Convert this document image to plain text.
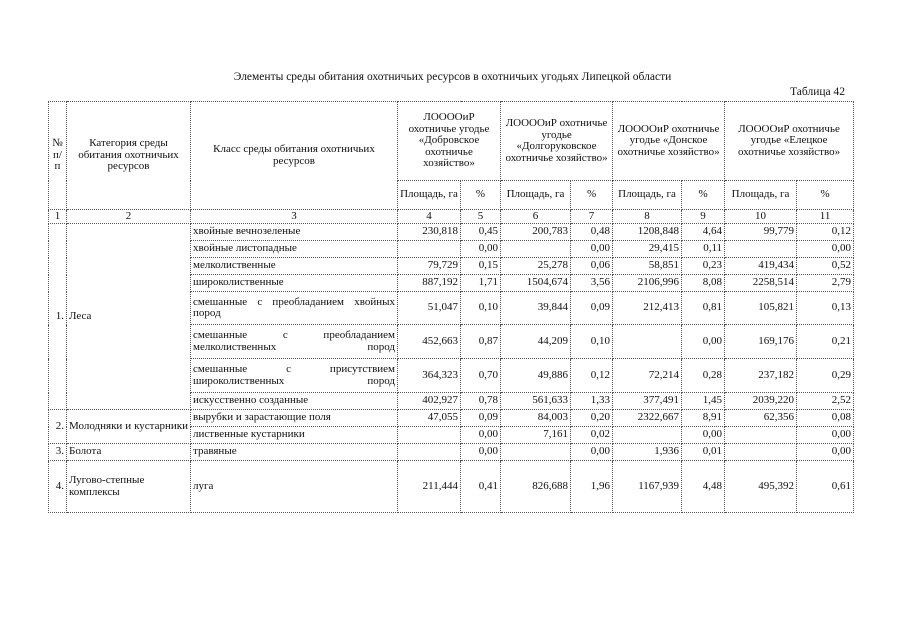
Элементы среды обитания охотничьих ресурсов в охотничьих угодьях Липецкой области
Таблица 42
№ п/п	Категория среды обитания охотничьих ресурсов	Класс среды обитания охотничьих ресурсов	ЛООООиР охотничье угодье «Добровское охотничье хозяйство»		ЛООООиР охотничье угодье «Долгоруковское охотничье хозяйство»		ЛООООиР охотничье угодье «Донское охотничье хозяйство»		ЛООООиР охотничье угодье «Елецкое охотничье хозяйство»	
			Площадь, га	%	Площадь, га	%	Площадь, га	%	Площадь, га	%
1	2	3	4	5	6	7	8	9	10	11
1.	Леса	хвойные вечнозеленые	230,818	0,45	200,783	0,48	1208,848	4,64	99,779	0,12
		хвойные листопадные		0,00		0,00	29,415	0,11		0,00
		мелколиственные	79,729	0,15	25,278	0,06	58,851	0,23	419,434	0,52
		широколиственные	887,192	1,71	1504,674	3,56	2106,996	8,08	2258,514	2,79
		смешанные с преобладанием хвойных пород	51,047	0,10	39,844	0,09	212,413	0,81	105,821	0,13
		смешанные с преобладанием мелколиственных пород	452,663	0,87	44,209	0,10		0,00	169,176	0,21
		смешанные с присутствием широколиственных пород	364,323	0,70	49,886	0,12	72,214	0,28	237,182	0,29
		искусственно созданные	402,927	0,78	561,633	1,33	377,491	1,45	2039,220	2,52
2.	Молодняки и кустарники	вырубки и зарастающие поля	47,055	0,09	84,003	0,20	2322,667	8,91	62,356	0,08
		лиственные кустарники		0,00	7,161	0,02		0,00		0,00
3.	Болота	травяные		0,00		0,00	1,936	0,01		0,00
4.	Лугово-степные комплексы	луга	211,444	0,41	826,688	1,96	1167,939	4,48	495,392	0,61
